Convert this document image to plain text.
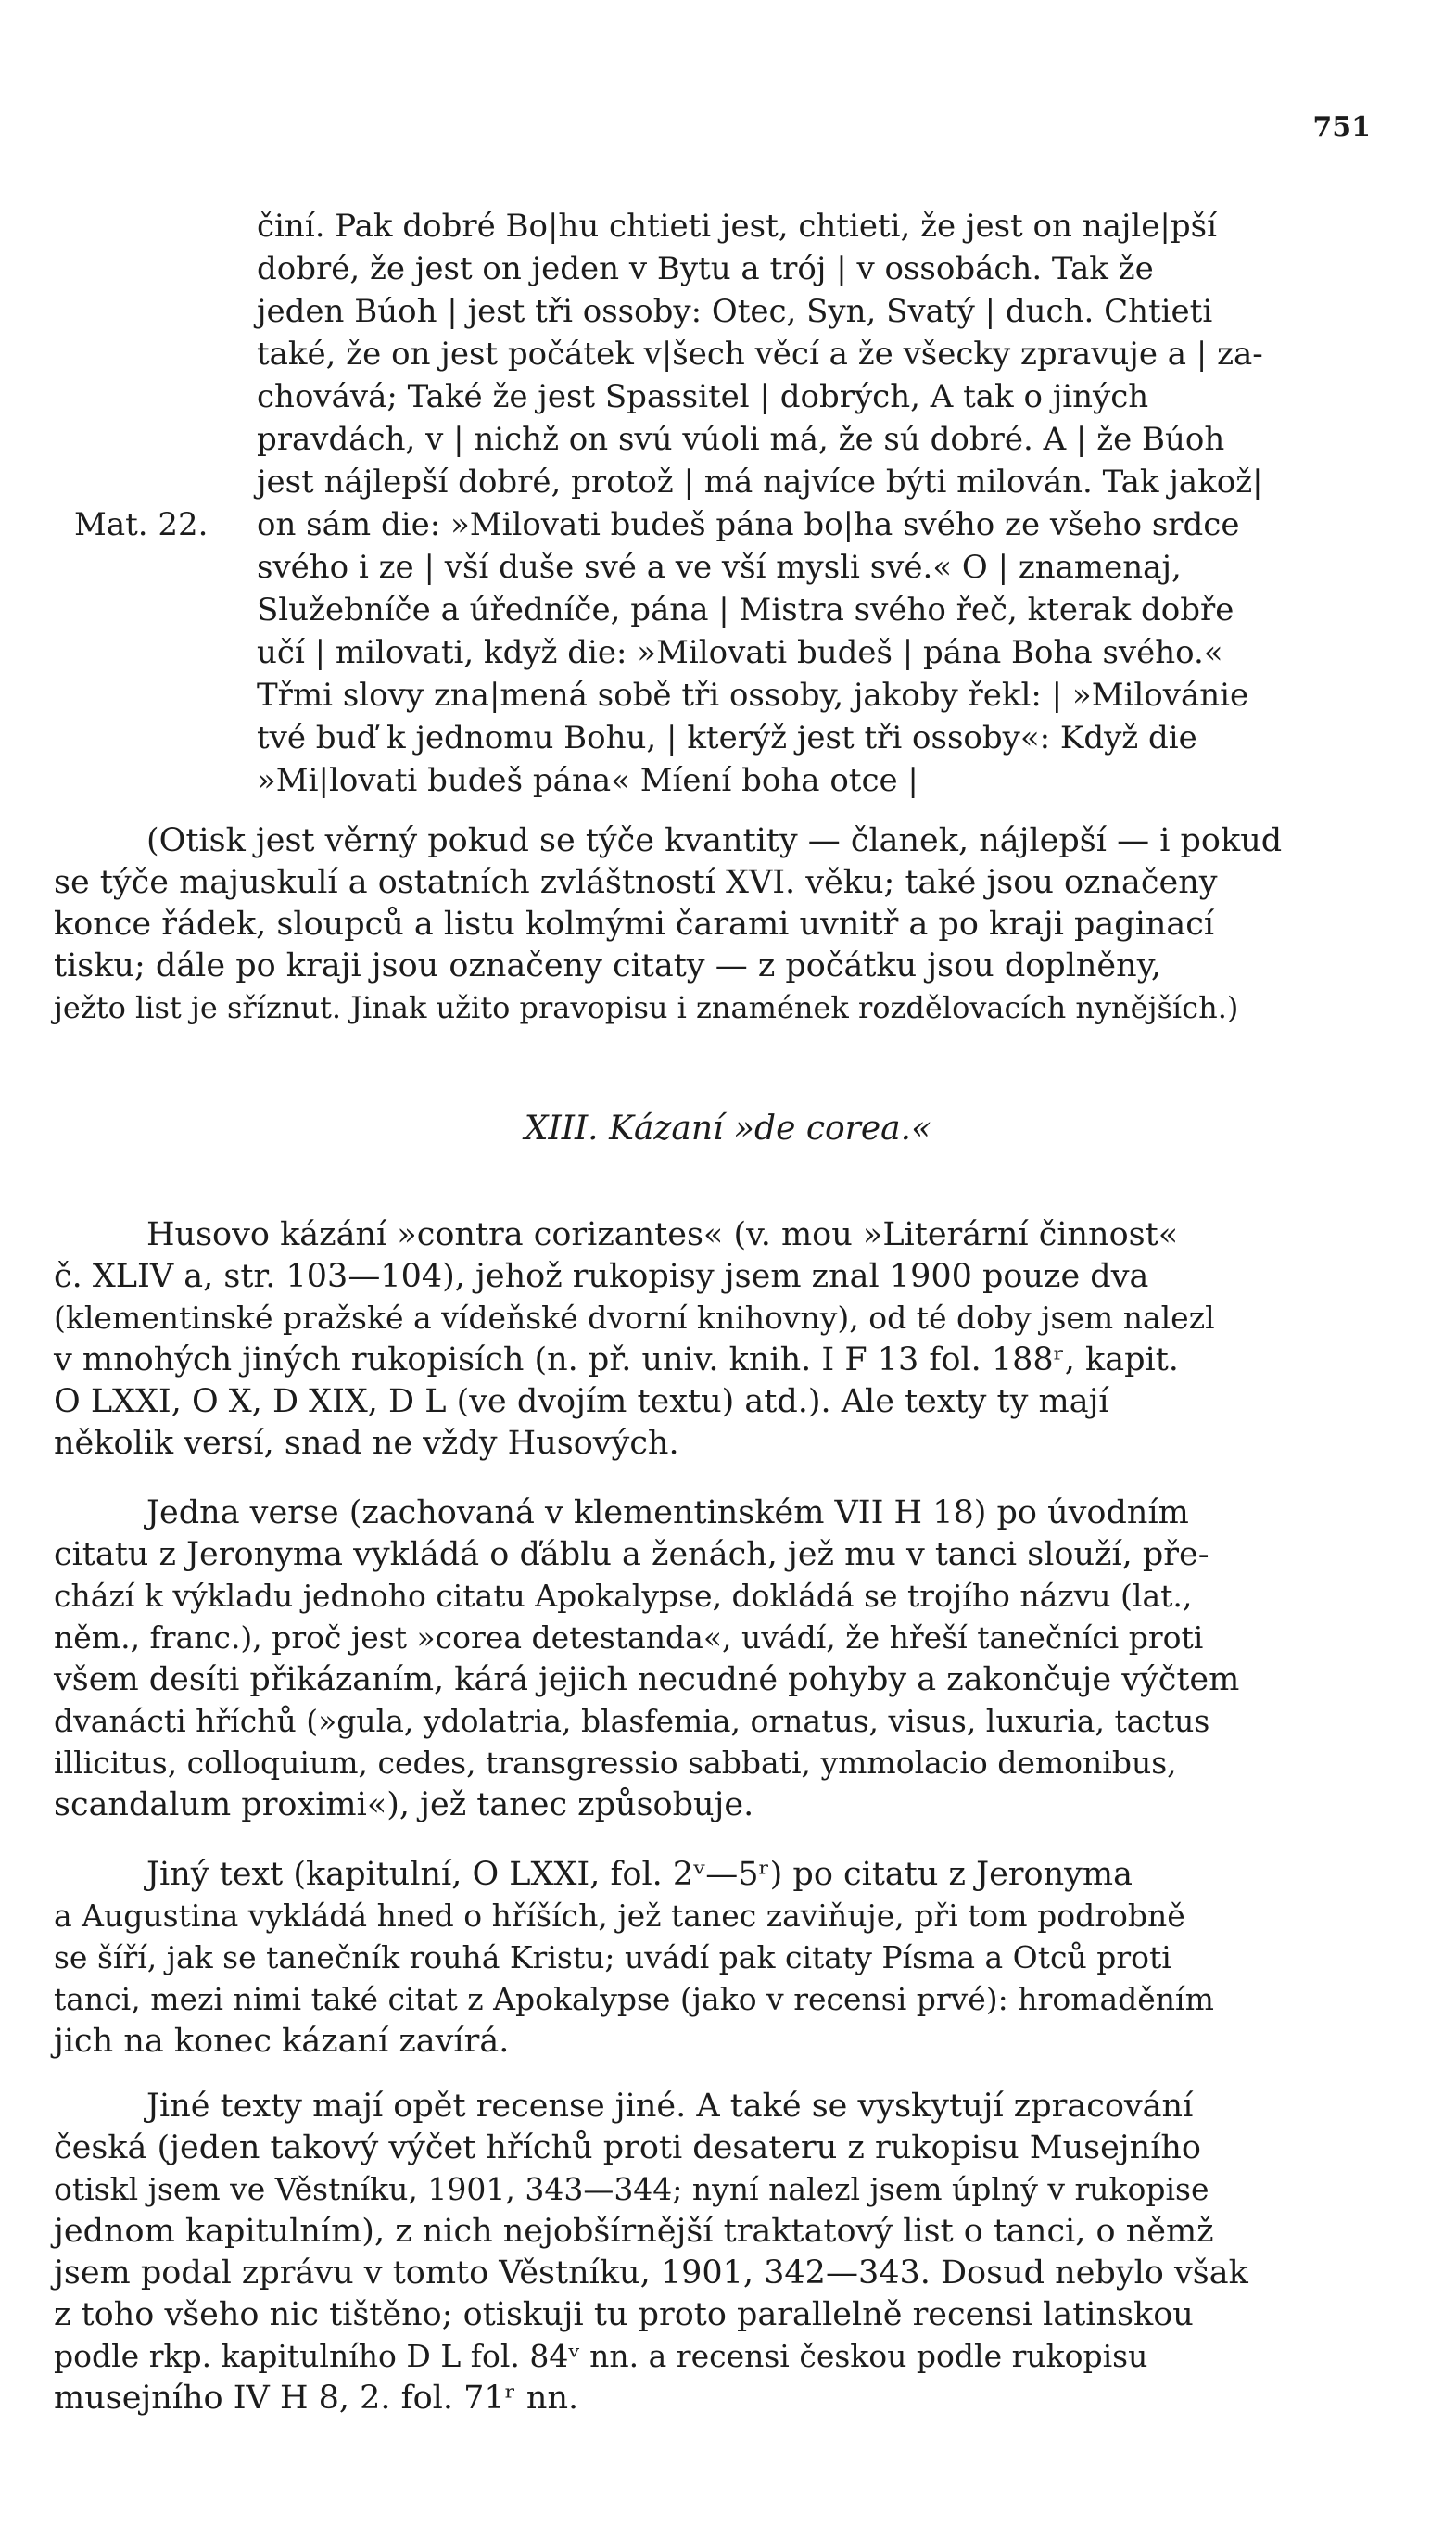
751
činí. Pak dobré Bo|hu chtieti jest, chtieti, že jest on najle|pší
dobré, že jest on jeden v Bytu a trój | v ossobách. Tak že
jeden Búoh | jest tři ossoby: Otec, Syn, Svatý | duch. Chtieti
také, že on jest počátek v|šech věcí a že všecky zpravuje a | za-
chovává; Také že jest Spassitel | dobrých, A tak o jiných
pravdách, v | nichž on svú vúoli má, že sú dobré. A | že Búoh
jest nájlepší dobré, protož | má najvíce býti milován. Tak jakož|
Mat. 22. on sám die: »Milovati budeš pána bo|ha svého ze všeho srdce
svého i ze | vší duše své a ve vší mysli své.« O | znamenaj,
Služebníče a úředníče, pána | Mistra svého řeč, kterak dobře
učí | milovati, když die: »Milovati budeš | pána Boha svého.«
Třmi slovy zna|mená sobě tři ossoby, jakoby řekl: | »Milovánie
tvé buď k jednomu Bohu, | kterýž jest tři ossoby«: Když die
»Mi|lovati budeš pána« Míení boha otce |
(Otisk jest věrný pokud se týče kvantity — članek, nájlepší — i pokud
se týče majuskulí a ostatních zvláštností XVI. věku; také jsou označeny
konce řádek, sloupců a listu kolmými čarami uvnitř a po kraji paginací
tisku; dále po kraji jsou označeny citaty — z počátku jsou doplněny,
ježto list je sříznut. Jinak užito pravopisu i znamének rozdělovacích nynějších.)
XIII. Kázaní »de corea.«
Husovo kázání »contra corizantes« (v. mou »Literární činnost«
č. XLIV a, str. 103—104), jehož rukopisy jsem znal 1900 pouze dva
(klementinské pražské a vídeňské dvorní knihovny), od té doby jsem nalezl
v mnohých jiných rukopisích (n. př. univ. knih. I F 13 fol. 188ʳ, kapit.
O LXXI, O X, D XIX, D L (ve dvojím textu) atd.). Ale texty ty mají
několik versí, snad ne vždy Husových.
Jedna verse (zachovaná v klementinském VII H 18) po úvodním
citatu z Jeronyma vykládá o ďáblu a ženách, jež mu v tanci slouží, pře-
chází k výkladu jednoho citatu Apokalypse, dokládá se trojího názvu (lat.,
něm., franc.), proč jest »corea detestanda«, uvádí, že hřeší tanečníci proti
všem desíti přikázaním, kárá jejich necudné pohyby a zakončuje výčtem
dvanácti hříchů (»gula, ydolatria, blasfemia, ornatus, visus, luxuria, tactus
illicitus, colloquium, cedes, transgressio sabbati, ymmolacio demonibus,
scandalum proximi«), jež tanec způsobuje.
Jiný text (kapitulní, O LXXI, fol. 2ᵛ—5ʳ) po citatu z Jeronyma
a Augustina vykládá hned o hříších, jež tanec zaviňuje, při tom podrobně
se šíří, jak se tanečník rouhá Kristu; uvádí pak citaty Písma a Otců proti
tanci, mezi nimi také citat z Apokalypse (jako v recensi prvé): hromaděním
jich na konec kázaní zavírá.
Jiné texty mají opět recense jiné. A také se vyskytují zpracování
česká (jeden takový výčet hříchů proti desateru z rukopisu Musejního
otiskl jsem ve Věstníku, 1901, 343—344; nyní nalezl jsem úplný v rukopise
jednom kapitulním), z nich nejobšírnější traktatový list o tanci, o němž
jsem podal zprávu v tomto Věstníku, 1901, 342—343. Dosud nebylo však
z toho všeho nic tištěno; otiskuji tu proto parallelně recensi latinskou
podle rkp. kapitulního D L fol. 84ᵛ nn. a recensi českou podle rukopisu
musejního IV H 8, 2. fol. 71ʳ nn.
